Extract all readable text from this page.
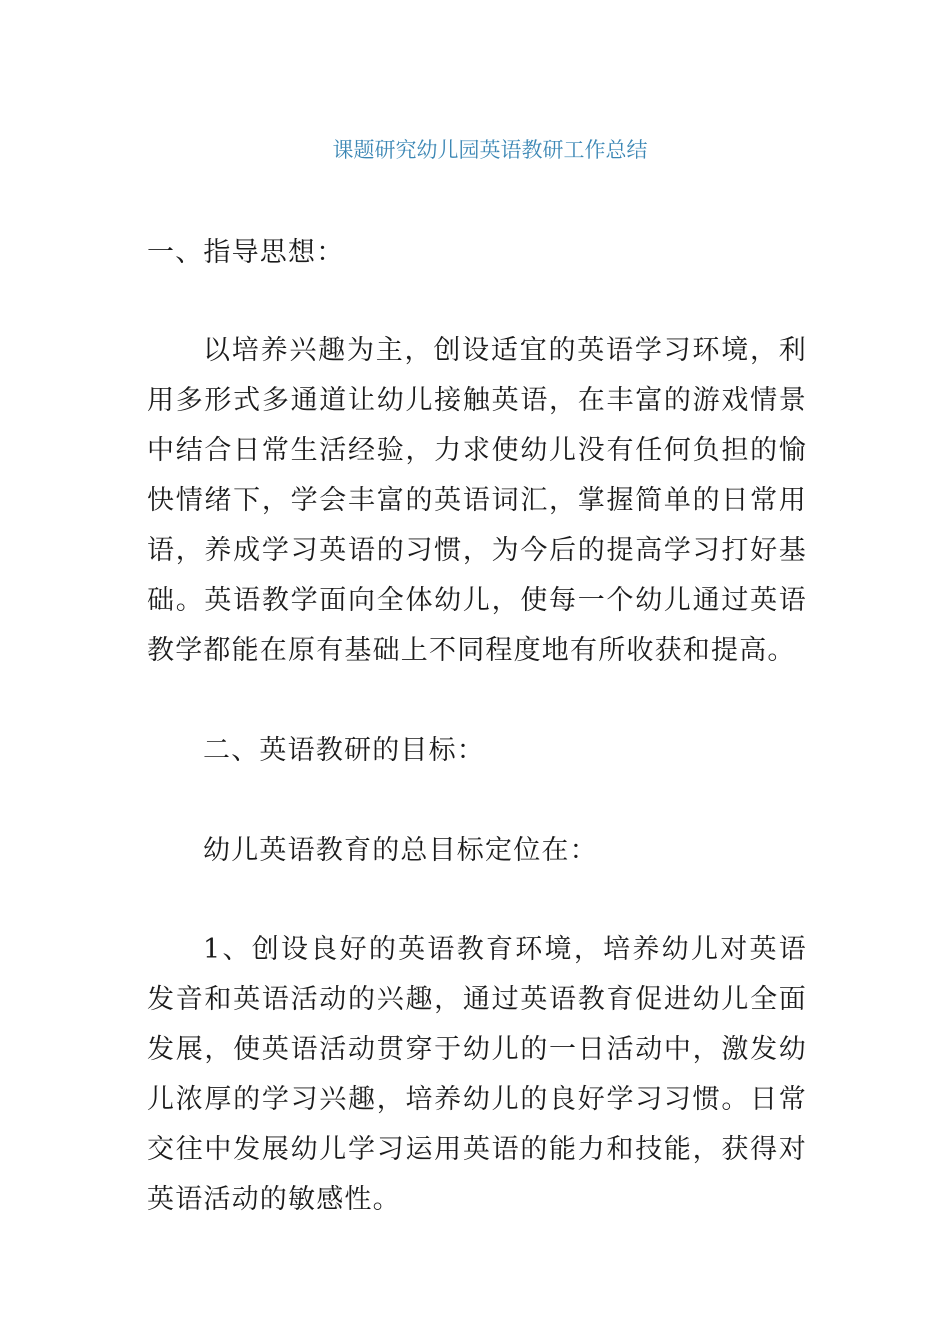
课题研究幼儿园英语教研工作总结
一、指导思想：
以培养兴趣为主，创设适宜的英语学习环境，利用多形式多通道让幼儿接触英语，在丰富的游戏情景中结合日常生活经验，力求使幼儿没有任何负担的愉快情绪下，学会丰富的英语词汇，掌握简单的日常用语，养成学习英语的习惯，为今后的提高学习打好基础。英语教学面向全体幼儿，使每一个幼儿通过英语教学都能在原有基础上不同程度地有所收获和提高。
二、英语教研的目标：
幼儿英语教育的总目标定位在：
1、创设良好的英语教育环境，培养幼儿对英语发音和英语活动的兴趣，通过英语教育促进幼儿全面发展，使英语活动贯穿于幼儿的一日活动中，激发幼儿浓厚的学习兴趣，培养幼儿的良好学习习惯。日常交往中发展幼儿学习运用英语的能力和技能，获得对英语活动的敏感性。
